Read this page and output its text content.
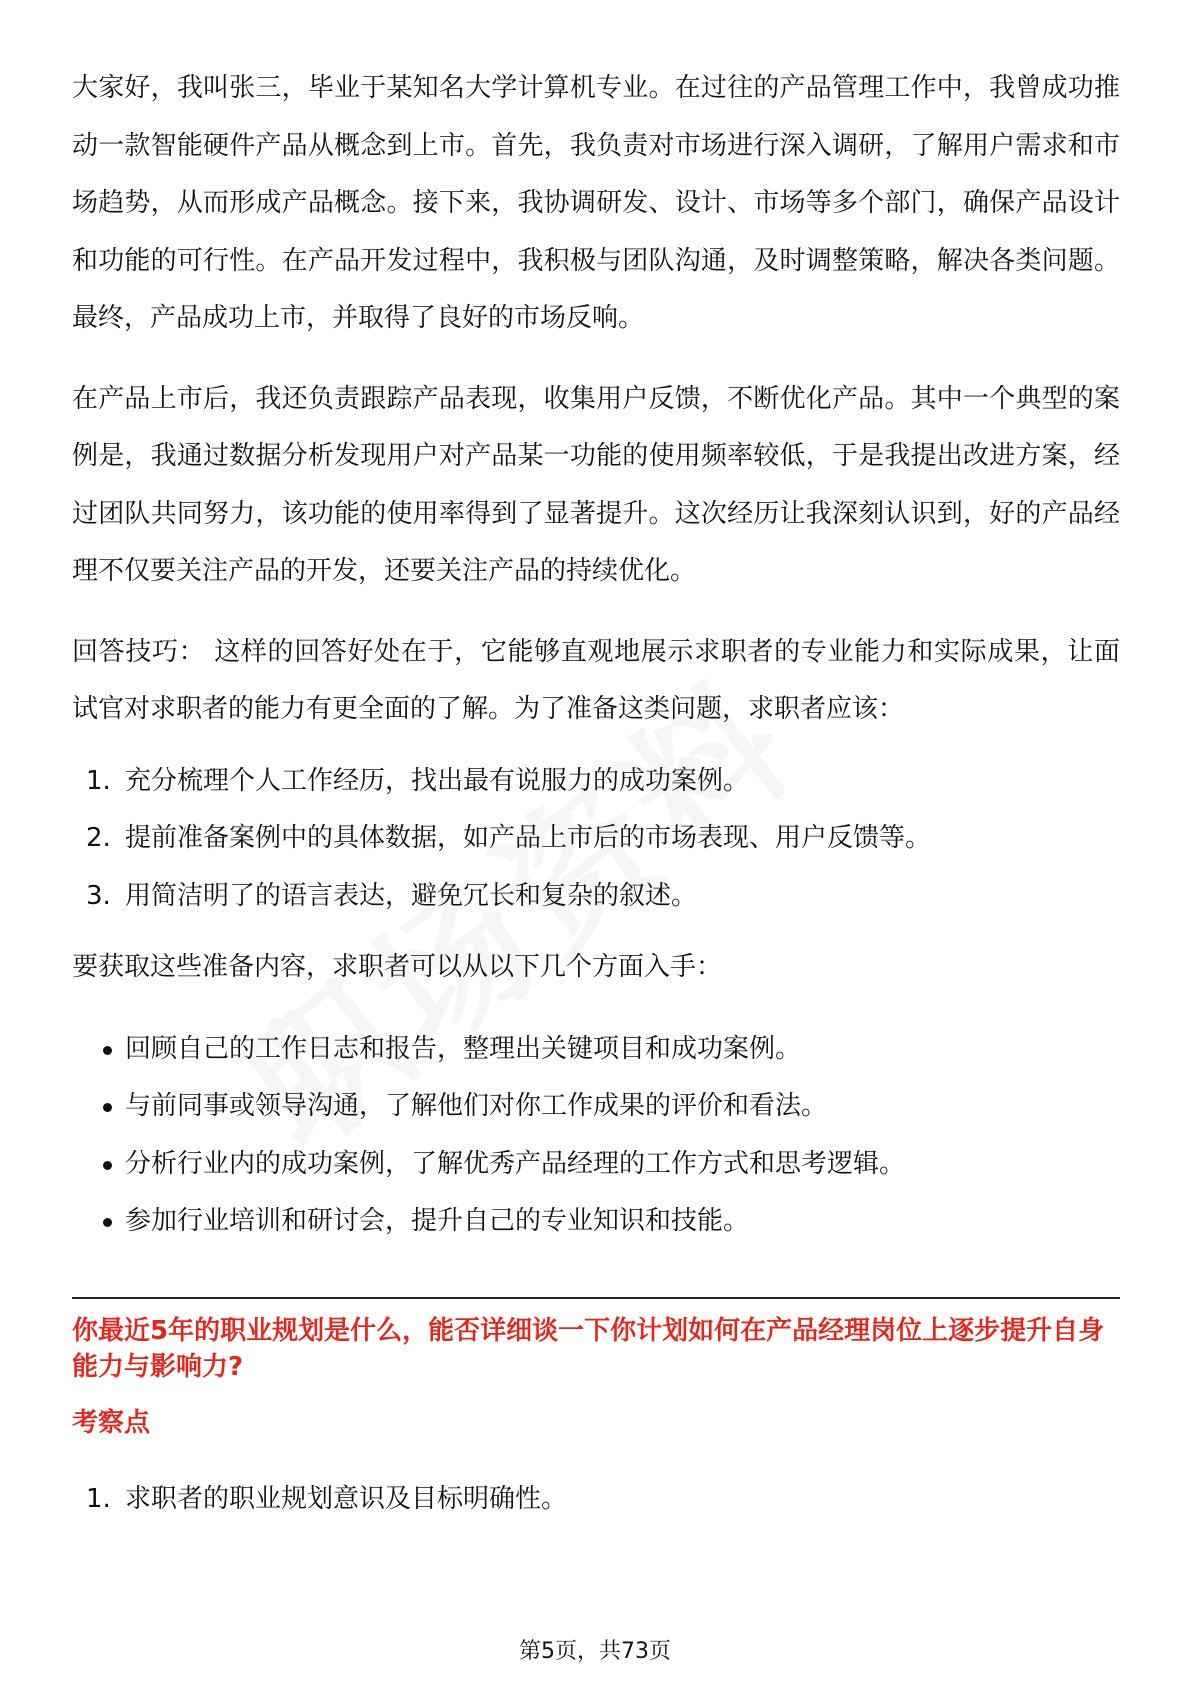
大家好，我叫张三，毕业于某知名大学计算机专业。在过往的产品管理工作中，我曾成功推动一款智能硬件产品从概念到上市。首先，我负责对市场进行深入调研，了解用户需求和市场趋势，从而形成产品概念。接下来，我协调研发、设计、市场等多个部门，确保产品设计和功能的可行性。在产品开发过程中，我积极与团队沟通，及时调整策略，解决各类问题。最终，产品成功上市，并取得了良好的市场反响。

在产品上市后，我还负责跟踪产品表现，收集用户反馈，不断优化产品。其中一个典型的案例是，我通过数据分析发现用户对产品某一功能的使用频率较低，于是我提出改进方案，经过团队共同努力，该功能的使用率得到了显著提升。这次经历让我深刻认识到，好的产品经理不仅要关注产品的开发，还要关注产品的持续优化。

回答技巧： 这样的回答好处在于，它能够直观地展示求职者的专业能力和实际成果，让面试官对求职者的能力有更全面的了解。为了准备这类问题，求职者应该：

1. 充分梳理个人工作经历，找出最有说服力的成功案例。
2. 提前准备案例中的具体数据，如产品上市后的市场表现、用户反馈等。
3. 用简洁明了的语言表达，避免冗长和复杂的叙述。

要获取这些准备内容，求职者可以从以下几个方面入手：

回顾自己的工作日志和报告，整理出关键项目和成功案例。
与前同事或领导沟通，了解他们对你工作成果的评价和看法。
分析行业内的成功案例，了解优秀产品经理的工作方式和思考逻辑。
参加行业培训和研讨会，提升自己的专业知识和技能。
你最近5年的职业规划是什么，能否详细谈一下你计划如何在产品经理岗位上逐步提升自身能力与影响力?
考察点
1. 求职者的职业规划意识及目标明确性。
第5页，共73页
